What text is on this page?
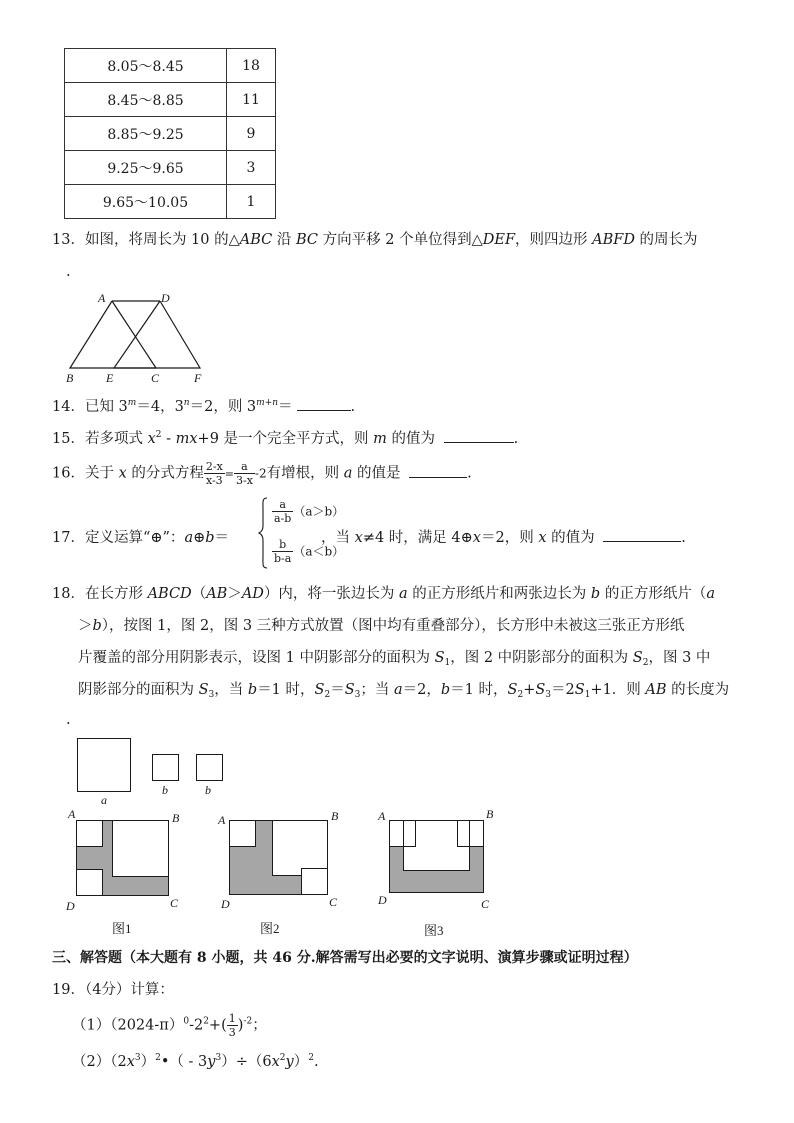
8.05～8.45	18
8.45～8.85	11
8.85～9.25	9
9.25～9.65	3
9.65～10.05	1
13．如图，将周长为 10 的△ABC 沿 BC 方向平移 2 个单位得到△DEF，则四边形 ABFD 的周长为
.
A	D
B	E	C	F
14．已知 $3^m=4$，$3^n=2$，则 $3^{m+n}=$	.
15．若多项式 $x^2 - mx+9$ 是一个完全平方式，则 m 的值为	.
16．关于 x 的分式方程 $\frac{2-x}{x-3} = \frac{a}{3-x} -2$有增根，则 a 的值是	.
17．定义运算“⊕”：a⊕b＝	，当 x≠4 时，满足 4⊕x＝2，则 x 的值为	.
$\frac{a}{a-b} (a>b)$
$\frac{b}{b-a} (a<b)$
18．在长方形 ABCD（AB＞AD）内，将一张边长为 a 的正方形纸片和两张边长为 b 的正方形纸片（a
＞b），按图 1，图 2，图 3 三种方式放置（图中均有重叠部分），长方形中未被这三张正方形纸
片覆盖的部分用阴影表示，设图 1 中阴影部分的面积为 $S_1$，图 2 中阴影部分的面积为 $S_2$，图 3 中
阴影部分的面积为 $S_3$，当 b＝1 时，$S_2=S_3$；当 a＝2，b＝1 时，$S_2+S_3=2S_1+1$．则 AB 的长度为
.
a
b	b
A	B
D	C
图1
A	B
D	C
图2
A	B
D	C
图3
三、解答题（本大题有 8 小题，共 46 分.解答需写出必要的文字说明、演算步骤或证明过程）
19．（4分）计算：
$(1)(2024-\pi)^0-2^2+( \frac{1}{3} )^{-2}$；
$(2)(2x^3)^2•( - 3y^3)\div(6x^2y)^2$.
